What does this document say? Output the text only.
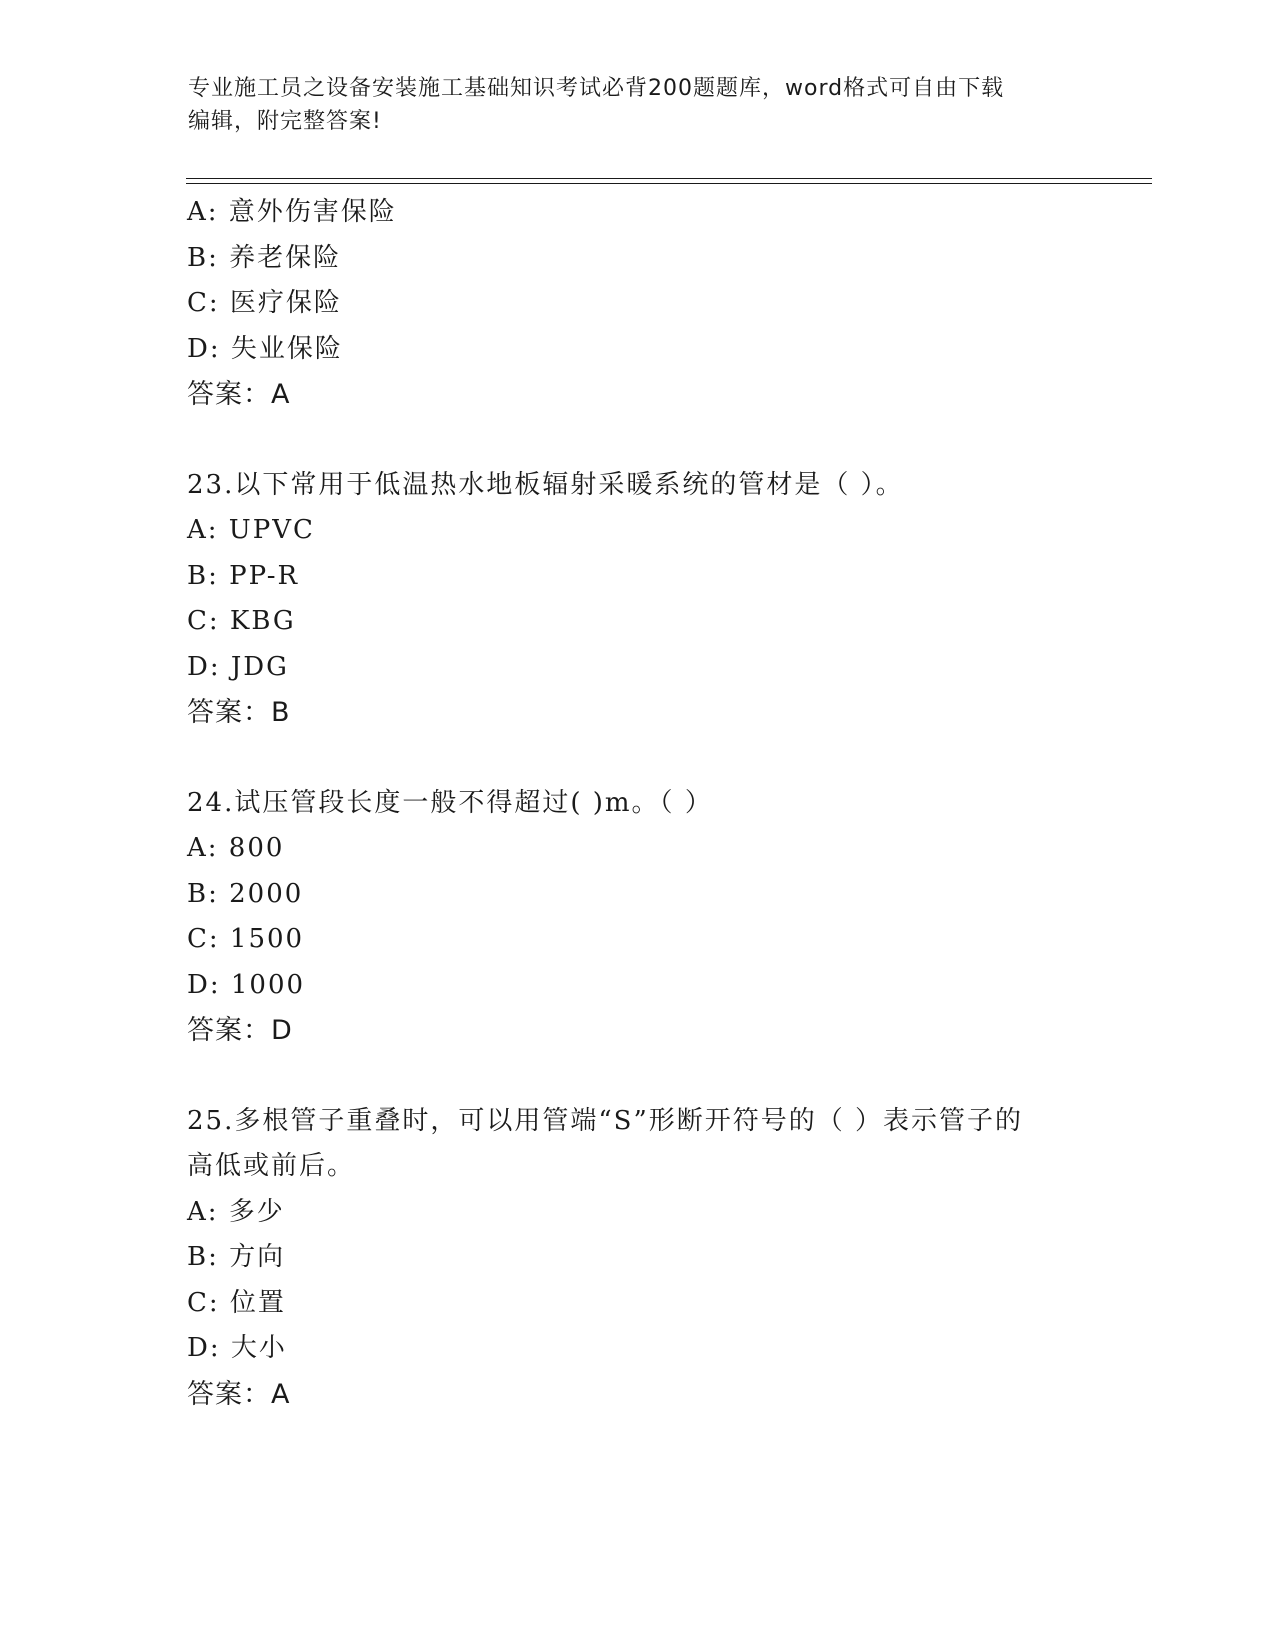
专业施工员之设备安装施工基础知识考试必背200题题库，word格式可自由下载
编辑，附完整答案!
A: 意外伤害保险
B: 养老保险
C: 医疗保险
D: 失业保险
答案：A
23.以下常用于低温热水地板辐射采暖系统的管材是（ ）。
A: UPVC
B: PP-R
C: KBG
D: JDG
答案：B
24.试压管段长度一般不得超过( )m。（ ）
A: 800
B: 2000
C: 1500
D: 1000
答案：D
25.多根管子重叠时，可以用管端“S”形断开符号的（ ）表示管子的
高低或前后。
A: 多少
B: 方向
C: 位置
D: 大小
答案：A
